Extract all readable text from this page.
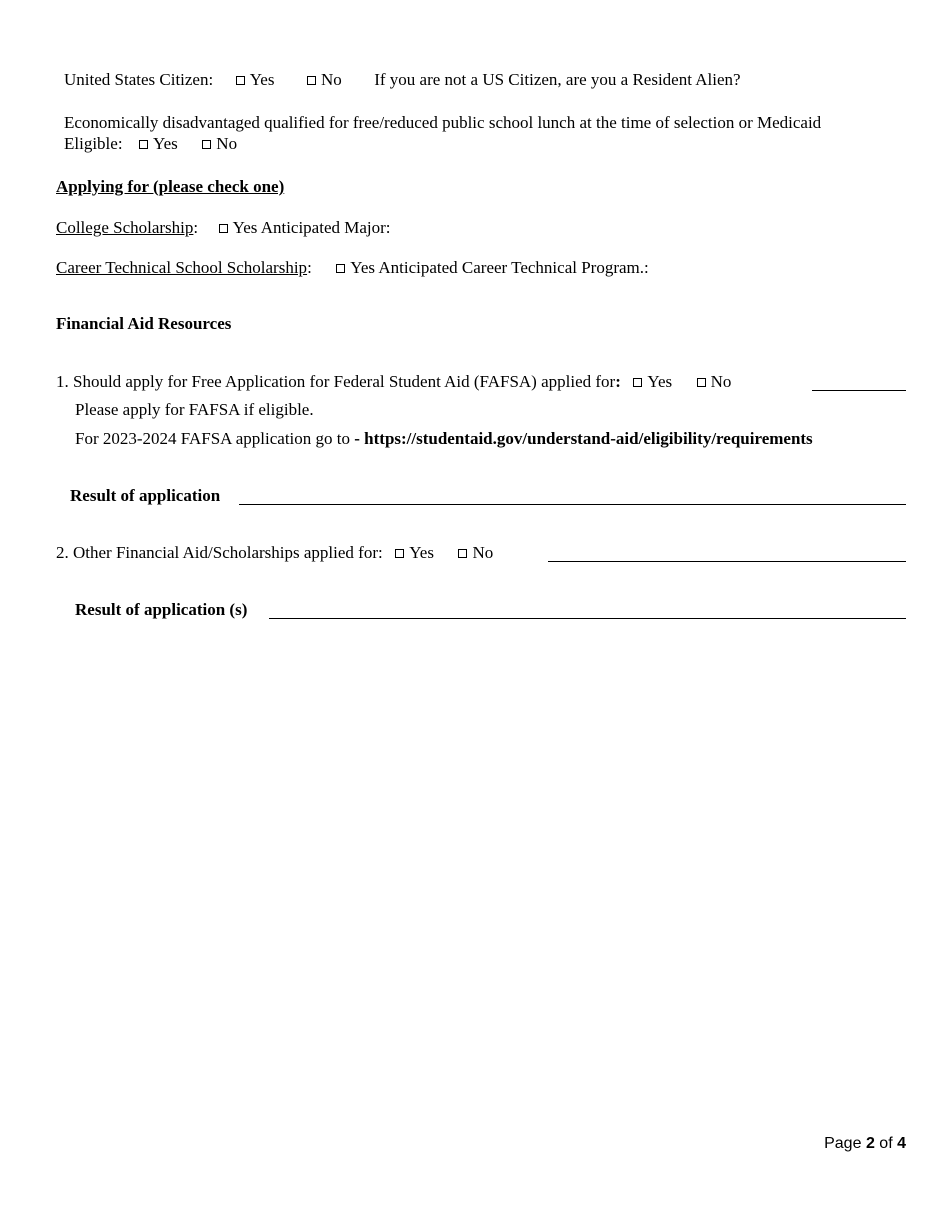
United States Citizen: Yes	No If you are not a US Citizen, are you a Resident Alien?
Economically disadvantaged qualified for free/reduced public school lunch at the time of selection or Medicaid
Eligible: Yes No
Applying for (please check one)
College Scholarship: Yes Anticipated Major:
Career Technical School Scholarship: Yes Anticipated Career Technical Program.:
Financial Aid Resources
1. Should apply for Free Application for Federal Student Aid (FAFSA) applied for: Yes No
Please apply for FAFSA if eligible.
For 2023-2024 FAFSA application go to - https://studentaid.gov/understand-aid/eligibility/requirements
Result of application
2. Other Financial Aid/Scholarships applied for: Yes No
Result of application (s)
Page 2 of 4
